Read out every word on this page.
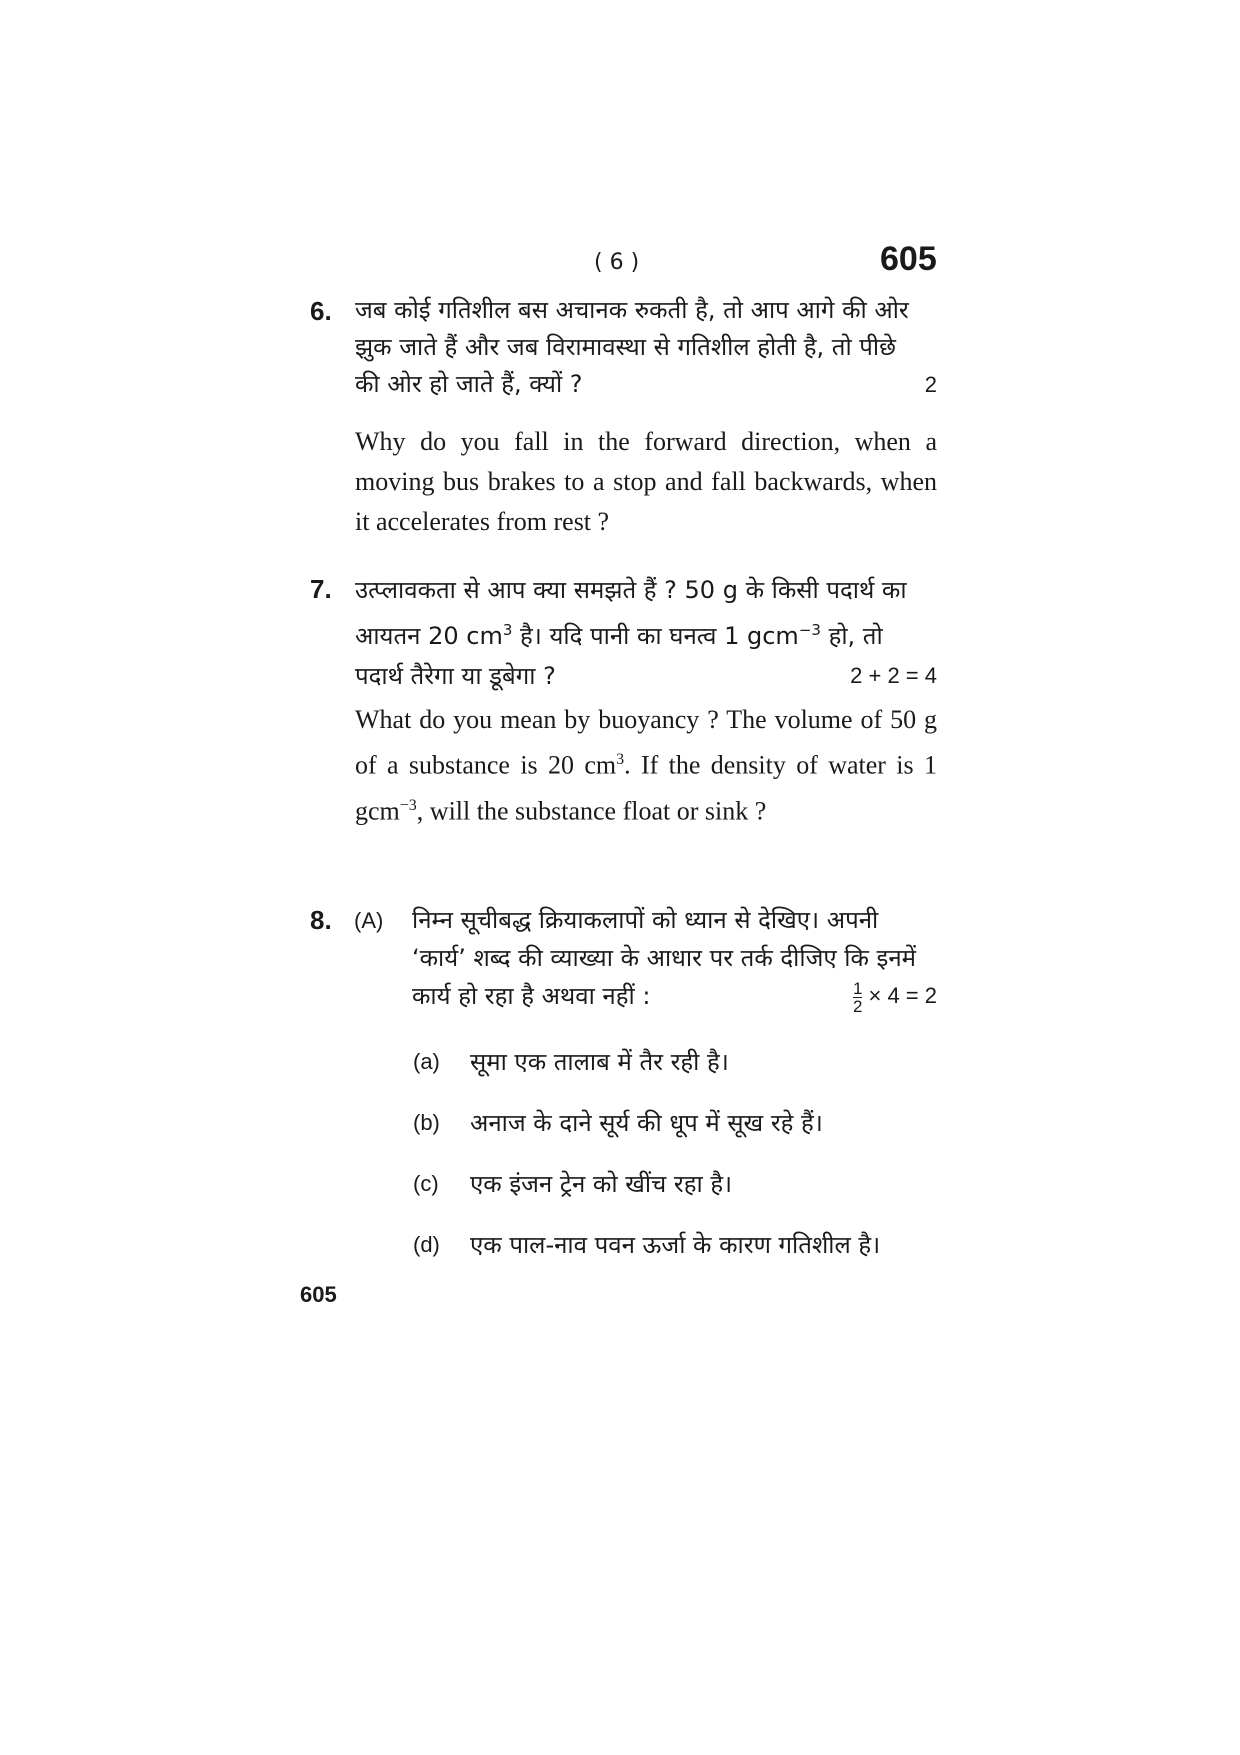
( 6 )	605
6. जब कोई गतिशील बस अचानक रुकती है, तो आप आगे की ओर
झुक जाते हैं और जब विरामावस्था से गतिशील होती है, तो पीछे
की ओर हो जाते हैं, क्यों ?	2
Why do you fall in the forward direction, when a moving bus brakes to a stop and fall backwards, when it accelerates from rest ?
7. उत्प्लावकता से आप क्या समझते हैं ? 50 g के किसी पदार्थ का
आयतन 20 $cm^3$ है। यदि पानी का घनत्व 1 gcm$^{-3}$ हो, तो
पदार्थ तैरेगा या डूबेगा ?	2 + 2 = 4
What do you mean by buoyancy ? The volume of 50 g of a substance is 20 $cm^3$. If the density of water is 1 gcm$^{-3}$, will the substance float or sink ?
8. (A) निम्न सूचीबद्ध क्रियाकलापों को ध्यान से देखिए। अपनी
‘कार्य’ शब्द की व्याख्या के आधार पर तर्क दीजिए कि इनमें
कार्य हो रहा है अथवा नहीं :	$\frac{1}{2} \times 4 = 2$
(a) सूमा एक तालाब में तैर रही है।
(b) अनाज के दाने सूर्य की धूप में सूख रहे हैं।
(c) एक इंजन ट्रेन को खींच रहा है।
(d) एक पाल-नाव पवन ऊर्जा के कारण गतिशील है।
605
